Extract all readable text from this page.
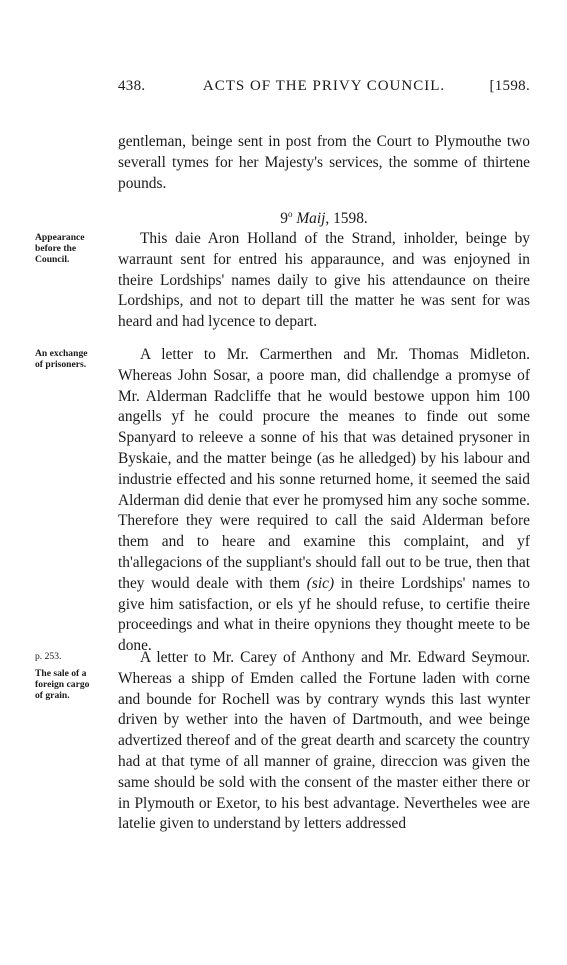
438.	ACTS OF THE PRIVY COUNCIL.	[1598.

gentleman, beinge sent in post from the Court to Plymouthe two severall tymes for her Majesty's services, the somme of thirtene pounds.

9$^o$ Maij, 1598.
Appearance
before the
Council.

This daie Aron Holland of the Strand, inholder, beinge by warraunt sent for entred his apparaunce, and was enjoyned in theire Lordships' names daily to give his attendaunce on theire Lordships, and not to depart till the matter he was sent for was heard and had lycence to depart.

An exchange
of prisoners.

A letter to Mr. Carmerthen and Mr. Thomas Midleton. Whereas John Sosar, a poore man, did challendge a promyse of Mr. Alderman Radcliffe that he would bestowe uppon him 100 angells yf he could procure the meanes to finde out some Spanyard to releeve a sonne of his that was detained prysoner in Byskaie, and the matter beinge (as he alledged) by his labour and industrie effected and his sonne returned home, it seemed the said Alderman did denie that ever he promysed him any soche somme. Therefore they were required to call the said Alderman before them and to heare and examine this complaint, and yf th'allegacions of the suppliant's should fall out to be true, then that they would deale with them (sic) in theire Lordships' names to give him satisfaction, or els yf he should refuse, to certifie theire proceedings and what in theire opynions they thought meete to be done.

p. 253.
The sale of a
foreign cargo
of grain.

A letter to Mr. Carey of Anthony and Mr. Edward Seymour. Whereas a shipp of Emden called the Fortune laden with corne and bounde for Rochell was by contrary wynds this last wynter driven by wether into the haven of Dartmouth, and wee beinge advertized thereof and of the great dearth and scarcety the country had at that tyme of all manner of graine, direccion was given the same should be sold with the consent of the master either there or in Plymouth or Exetor, to his best advantage. Nevertheles wee are latelie given to understand by letters addressed
